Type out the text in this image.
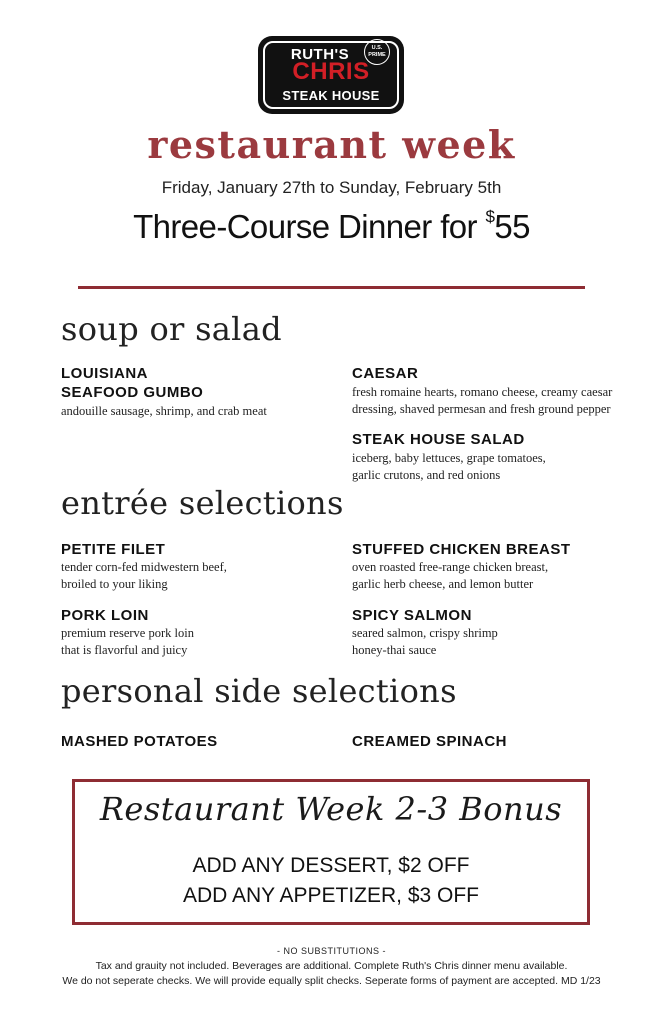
RUTH'S
CHRIS
STEAK HOUSE
U.S.
PRIME
restaurant week
Friday, January 27th to Sunday, February 5th
Three-Course Dinner for $55
soup or salad
LOUISIANA
SEAFOOD GUMBO
andouille sausage, shrimp, and crab meat
CAESAR
fresh romaine hearts, romano cheese, creamy caesar
dressing, shaved permesan and fresh ground pepper
STEAK HOUSE SALAD
iceberg, baby lettuces, grape tomatoes,
garlic crutons, and red onions
entrée selections
PETITE FILET
tender corn-fed midwestern beef,
broiled to your liking
STUFFED CHICKEN BREAST
oven roasted free-range chicken breast,
garlic herb cheese, and lemon butter
PORK LOIN
premium reserve pork loin
that is flavorful and juicy
SPICY SALMON
seared salmon, crispy shrimp
honey-thai sauce
personal side selections
MASHED POTATOES	CREAMED SPINACH
Restaurant Week 2-3 Bonus
ADD ANY DESSERT, $2 OFF
ADD ANY APPETIZER, $3 OFF
- NO SUBSTITUTIONS -
Tax and grauity not included. Beverages are additional. Complete Ruth's Chris dinner menu available.
We do not seperate checks. We will provide equally split checks. Seperate forms of payment are accepted. MD 1/23
